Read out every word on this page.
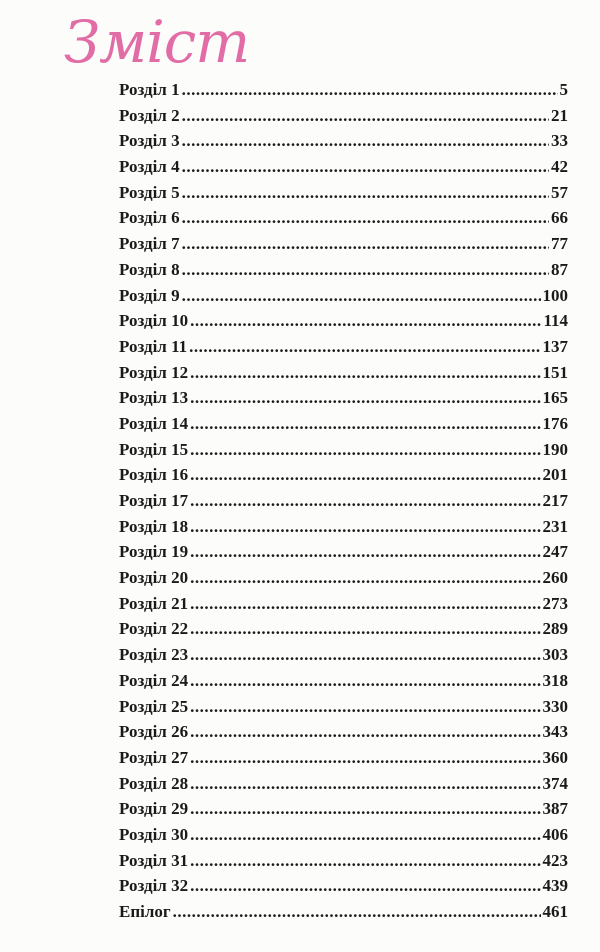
Зміст
Розділ 1 .....	5
Розділ 2 .....	21
Розділ 3 .....	33
Розділ 4 .....	42
Розділ 5 .....	57
Розділ 6 .....	66
Розділ 7 .....	77
Розділ 8 .....	87
Розділ 9 .....	100
Розділ 10 .....	114
Розділ 11 .....	137
Розділ 12 .....	151
Розділ 13 .....	165
Розділ 14 .....	176
Розділ 15 .....	190
Розділ 16 .....	201
Розділ 17 .....	217
Розділ 18 .....	231
Розділ 19 .....	247
Розділ 20 .....	260
Розділ 21 .....	273
Розділ 22 .....	289
Розділ 23 .....	303
Розділ 24 .....	318
Розділ 25 .....	330
Розділ 26 .....	343
Розділ 27 .....	360
Розділ 28 .....	374
Розділ 29 .....	387
Розділ 30 .....	406
Розділ 31 .....	423
Розділ 32 .....	439
Епілог .....	461
